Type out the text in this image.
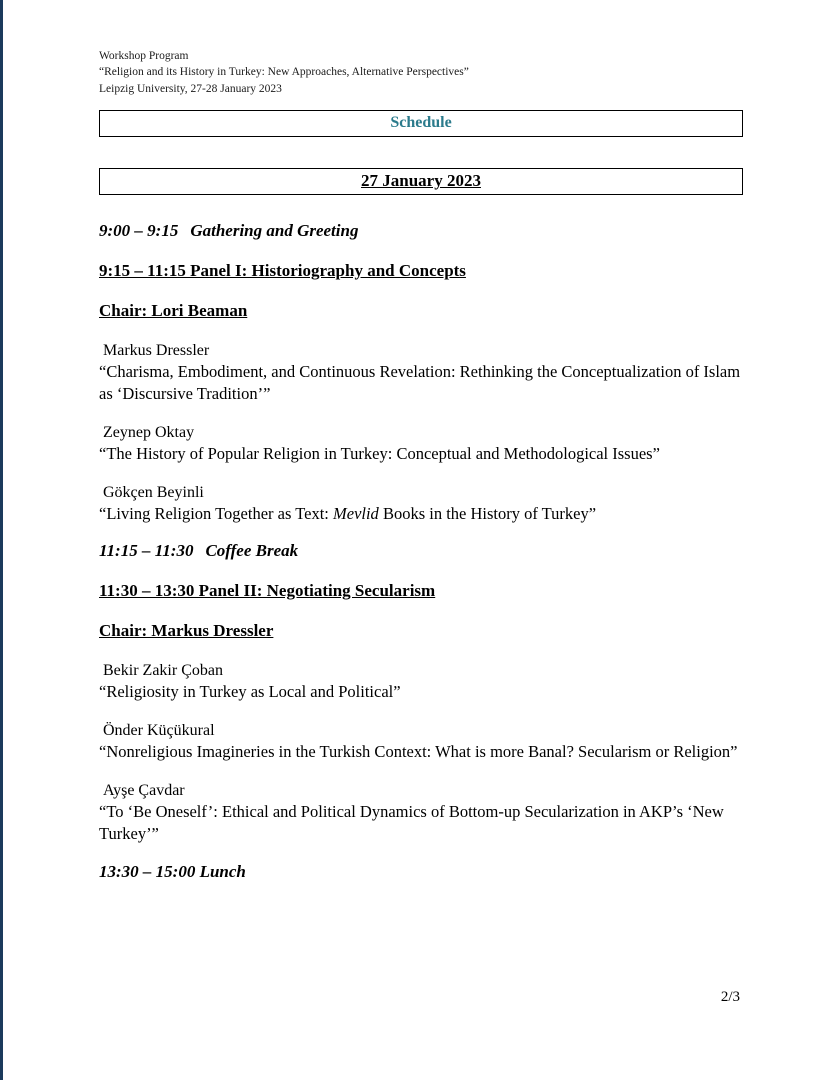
Workshop Program
“Religion and its History in Turkey: New Approaches, Alternative Perspectives”
Leipzig University, 27-28 January 2023
Schedule
27 January 2023
9:00 – 9:15 Gathering and Greeting
9:15 – 11:15 Panel I: Historiography and Concepts
Chair: Lori Beaman
Markus Dressler
“Charisma, Embodiment, and Continuous Revelation: Rethinking the Conceptualization of Islam as ‘Discursive Tradition’”
Zeynep Oktay
“The History of Popular Religion in Turkey: Conceptual and Methodological Issues”
Gökçen Beyinli
“Living Religion Together as Text: Mevlid Books in the History of Turkey”
11:15 – 11:30 Coffee Break
11:30 – 13:30 Panel II: Negotiating Secularism
Chair: Markus Dressler
Bekir Zakir Çoban
“Religiosity in Turkey as Local and Political”
Önder Küçükural
“Nonreligious Imagineries in the Turkish Context: What is more Banal? Secularism or Religion”
Ayşe Çavdar
“To ‘Be Oneself’: Ethical and Political Dynamics of Bottom-up Secularization in AKP’s ‘New Turkey’”
13:30 – 15:00 Lunch
2/3
